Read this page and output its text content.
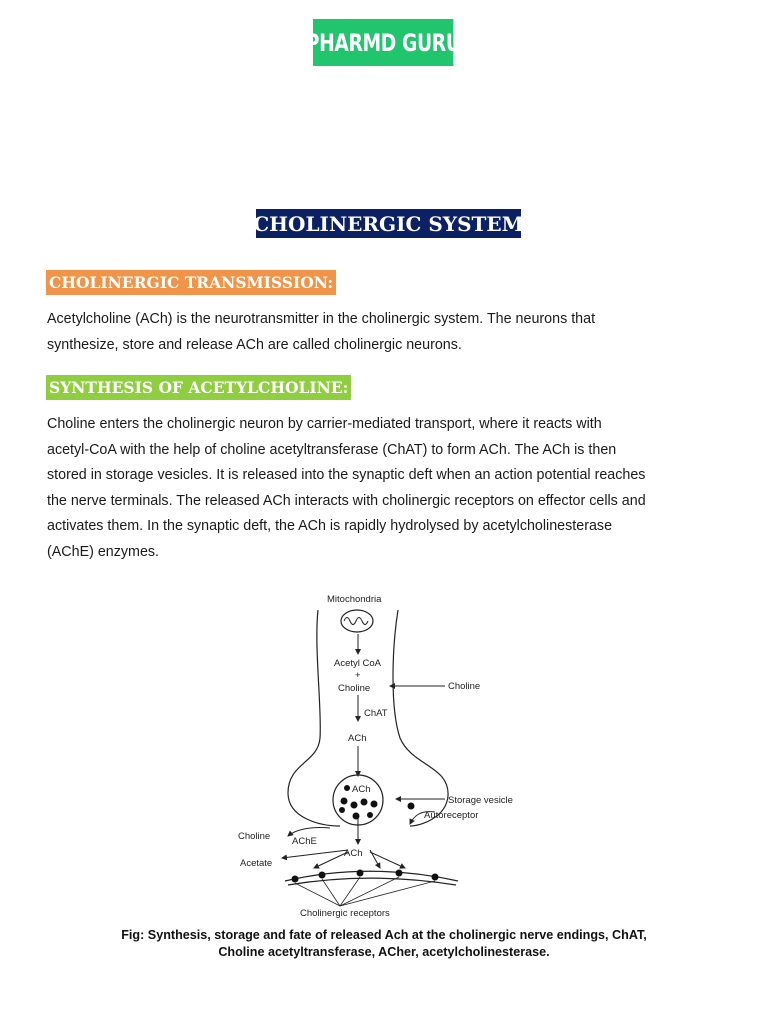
PHARMD GURU
CHOLINERGIC SYSTEM
CHOLINERGIC TRANSMISSION:
Acetylcholine (ACh) is the neurotransmitter in the cholinergic system. The neurons that
synthesize, store and release ACh are called cholinergic neurons.
SYNTHESIS OF ACETYLCHOLINE:
Choline enters the cholinergic neuron by carrier-mediated transport, where it reacts with
acetyl-CoA with the help of choline acetyltransferase (ChAT) to form ACh. The ACh is then
stored in storage vesicles. It is released into the synaptic deft when an action potential reaches
the nerve terminals. The released ACh interacts with cholinergic receptors on effector cells and
activates them. In the synaptic deft, the ACh is rapidly hydrolysed by acetylcholinesterase
(AChE) enzymes.
Mitochondria
Acetyl CoA
+
Choline	Choline
ChAT
ACh
ACh
Storage vesicle
Autoreceptor
Choline AChE
ACh
Acetate
Cholinergic receptors
Fig: Synthesis, storage and fate of released Ach at the cholinergic nerve endings, ChAT,
Choline acetyltransferase, ACher, acetylcholinesterase.
